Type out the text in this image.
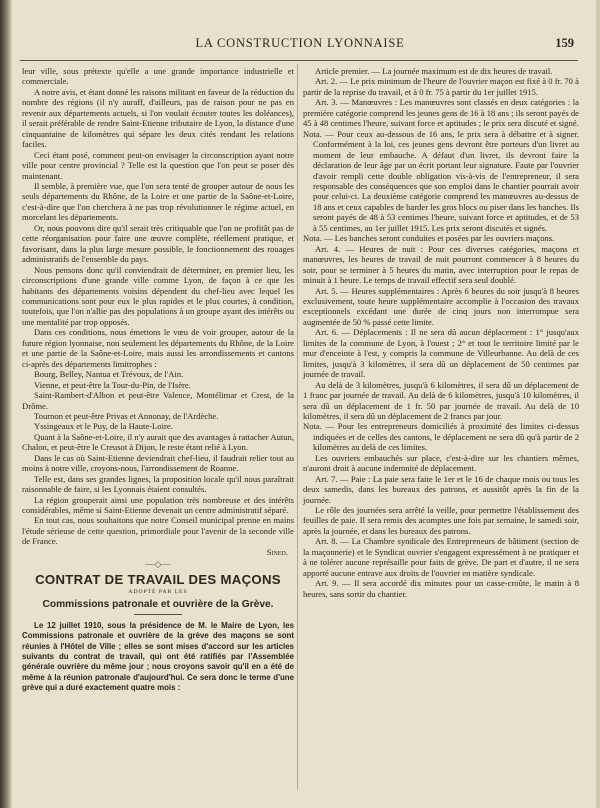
LA CONSTRUCTION LYONNAISE	159

leur ville, sous prétexte qu'elle a une grande importance industrielle et commerciale.

A notre avis, et étant donné les raisons militant en faveur de la réduction du nombre des régions (il n'y auraff, d'ailleurs, pas de raison pour ne pas en revenir aux départements actuels, si l'on voulait écouter toutes les doléances), il serait préférable de rendre Saint-Etienne tributaire de Lyon, la distance d'une cinquantaine de kilomètres qui sépare les deux cités rendant les relations faciles.

Ceci étant posé, comment peut-on envisager la circonscription ayant notre ville pour centre provincial ? Telle est la question que l'on peut se poser dès maintenant.

Il semble, à première vue, que l'on sera tenté de grouper autour de nous les seuls départements du Rhône, de la Loire et une partie de la Saône-et-Loire, c'est-à-dire que l'on cherchera à ne pas trop révolutionner le régime actuel, en morcelant les départements.

Or, nous pouvons dire qu'il serait très critiquable que l'on ne profitât pas de cette réorganisation pour faire une œuvre complète, réellement pratique, et favorisant, dans la plus large mesure possible, le fonctionnement des rouages administratifs de l'ensemble du pays.

Nous pensons donc qu'il conviendrait de déterminer, en premier lieu, les circonscriptions d'une grande ville comme Lyon, de façon à ce que les habitants des départements voisins dépendent du chef-lieu avec lequel les communications sont pour eux le plus rapides et le plus courtes, à condition, toutefois, que l'on n'allie pas des populations à un groupe ayant des intérêts ou une mentalité par trop opposés.

Dans ces conditions, nous émettons le vœu de voir grouper, autour de la future région lyonnaise, non seulement les départements du Rhône, de la Loire et une partie de la Saône-et-Loire, mais aussi les arrondissements et cantons ci-après des départements limitrophes :

Bourg, Belley, Nantua et Trévoux, de l'Ain.

Vienne, et peut-être la Tour-du-Pin, de l'Isère.

Saint-Rambert-d'Albon et peut-être Valence, Montélimar et Crest, de la Drôme.

Tournon et peut-être Privas et Annonay, de l'Ardèche.

Yssingeaux et le Puy, de la Haute-Loire.

Quant à la Saône-et-Loire, il n'y aurait que des avantages à rattacher Autun, Chalon, et peut-être le Creusot à Dijon, le reste étant relié à Lyon.

Dans le cas où Saint-Etienne deviendrait chef-lieu, il faudrait relier tout au moins à notre ville, croyons-nous, l'arrondissement de Roanne.

Telle est, dans ses grandes lignes, la proposition locale qu'il nous paraîtrait raisonnable de faire, si les Lyonnais étaient consultés.

La région grouperait ainsi une population très nombreuse et des intérêts considérables, même si Saint-Etienne devenait un centre administratif séparé.

En tout cas, nous souhaitons que notre Conseil municipal prenne en mains l'étude sérieuse de cette question, primordiale pour l'avenir de la seconde ville de France.

Sined.
—◇—
CONTRAT DE TRAVAIL DES MAÇONS
ADOPTÉ PAR LES
Commissions patronale et ouvrière de la Grève.

Le 12 juillet 1910, sous la présidence de M. le Maire de Lyon, les Commissions patronale et ouvrière de la grève des maçons se sont réunies à l'Hôtel de Ville ; elles se sont mises d'accord sur les articles suivants du contrat de travail, qui ont été ratifiés par l'Assemblée générale ouvrière du même jour ; nous croyons savoir qu'il en a été de même à la réunion patronale d'aujourd'hui. Ce sera donc le terme d'une grève qui a duré exactement quatre mois :

Article premier. — La journée maximum est de dix heures de travail.

Art. 2. — Le prix minimum de l'heure de l'ouvrier maçon est fixé à 0 fr. 70 à partir de la reprise du travail, et à 0 fr. 75 à partir du 1er juillet 1915.

Art. 3. — Manœuvres : Les manœuvres sont classés en deux catégories : la première catégorie comprend les jeunes gens de 16 à 18 ans ; ils seront payés de 45 à 48 centimes l'heure, suivant force et aptitudes ; le prix sera discuté et signé.

Nota. — Pour ceux au-dessous de 16 ans, le prix sera à débattre et à signer. Conformément à la loi, ces jeunes gens devront être porteurs d'un livret au moment de leur embauche. A défaut d'un livret, ils devront faire la déclaration de leur âge par un écrit portant leur signature. Faute par l'ouvrier d'avoir rempli cette double obligation vis-à-vis de l'entrepreneur, il sera responsable des conséquences que son emploi dans le chantier pourrait avoir pour celui-ci. La deuxième catégorie comprend les manœuvres au-dessus de 18 ans et ceux capables de barder les gros blocs ou piser dans les banches. Ils seront payés de 48 à 53 centimes l'heure, suivant force et aptitudes, et de 53 à 55 centimes, au 1er juillet 1915. Les prix seront discutés et signés.

Nota. — Les banches seront conduites et posées par les ouvriers maçons.

Art. 4. — Heures de nuit : Pour ces diverses catégories, maçons et manœuvres, les heures de travail de nuit pourront commencer à 8 heures du soir, pour se terminer à 5 heures du matin, avec interruption pour le repas de minuit à 1 heure. Le temps de travail effectif sera seul doublé.

Art. 5. — Heures supplémentaires : Après 6 heures du soir jusqu'à 8 heures exclusivement, toute heure supplémentaire accomplie à l'occasion des travaux exceptionnels excédant une durée de cinq jours non interrompue sera augmentée de 50 % passé cette limite.

Art. 6. — Déplacements : Il ne sera dû aucun déplacement : 1° jusqu'aux limites de la commune de Lyon, à l'ouest ; 2° et tout le territoire limité par le mur d'enceinte à l'est, y compris la commune de Villeurbanne. Au delà de ces limites, jusqu'à 3 kilomètres, il sera dû un déplacement de 50 centimes par journée de travail.

Au delà de 3 kilomètres, jusqu'à 6 kilomètres, il sera dû un déplacement de 1 franc par journée de travail. Au delà de 6 kilomètres, jusqu'à 10 kilomètres, il sera dû un déplacement de 1 fr. 50 par journée de travail. Au delà de 10 kilomètres, il sera dû un déplacement de 2 francs par jour.

Nota. — Pour les entrepreneurs domiciliés à proximité des limites ci-dessus indiquées et de celles des cantons, le déplacement ne sera dû qu'à partir de 2 kilomètres au delà de ces limites.

Les ouvriers embauchés sur place, c'est-à-dire sur les chantiers mêmes, n'auront droit à aucune indemnité de déplacement.

Art. 7. — Paie : La paie sera faite le 1er et le 16 de chaque mois ou tous les deux samedis, dans les bureaux des patrons, et aussitôt après la fin de la journée.

Le rôle des journées sera arrêté la veille, pour permettre l'établissement des feuilles de paie. Il sera remis des acomptes une fois par semaine, le samedi soir, après la journée, et dans les bureaux des patrons.

Art. 8. — La Chambre syndicale des Entrepreneurs de bâtiment (section de la maçonnerie) et le Syndicat ouvrier s'engagent expressément à ne pratiquer et à ne tolérer aucune représaille pour faits de grève. De part et d'autre, il ne sera apporté aucune entrave aux droits de l'ouvrier en matière syndicale.

Art. 9. — Il sera accordé dix minutes pour un casse-croûte, le matin à 8 heures, sans sortir du chantier.
